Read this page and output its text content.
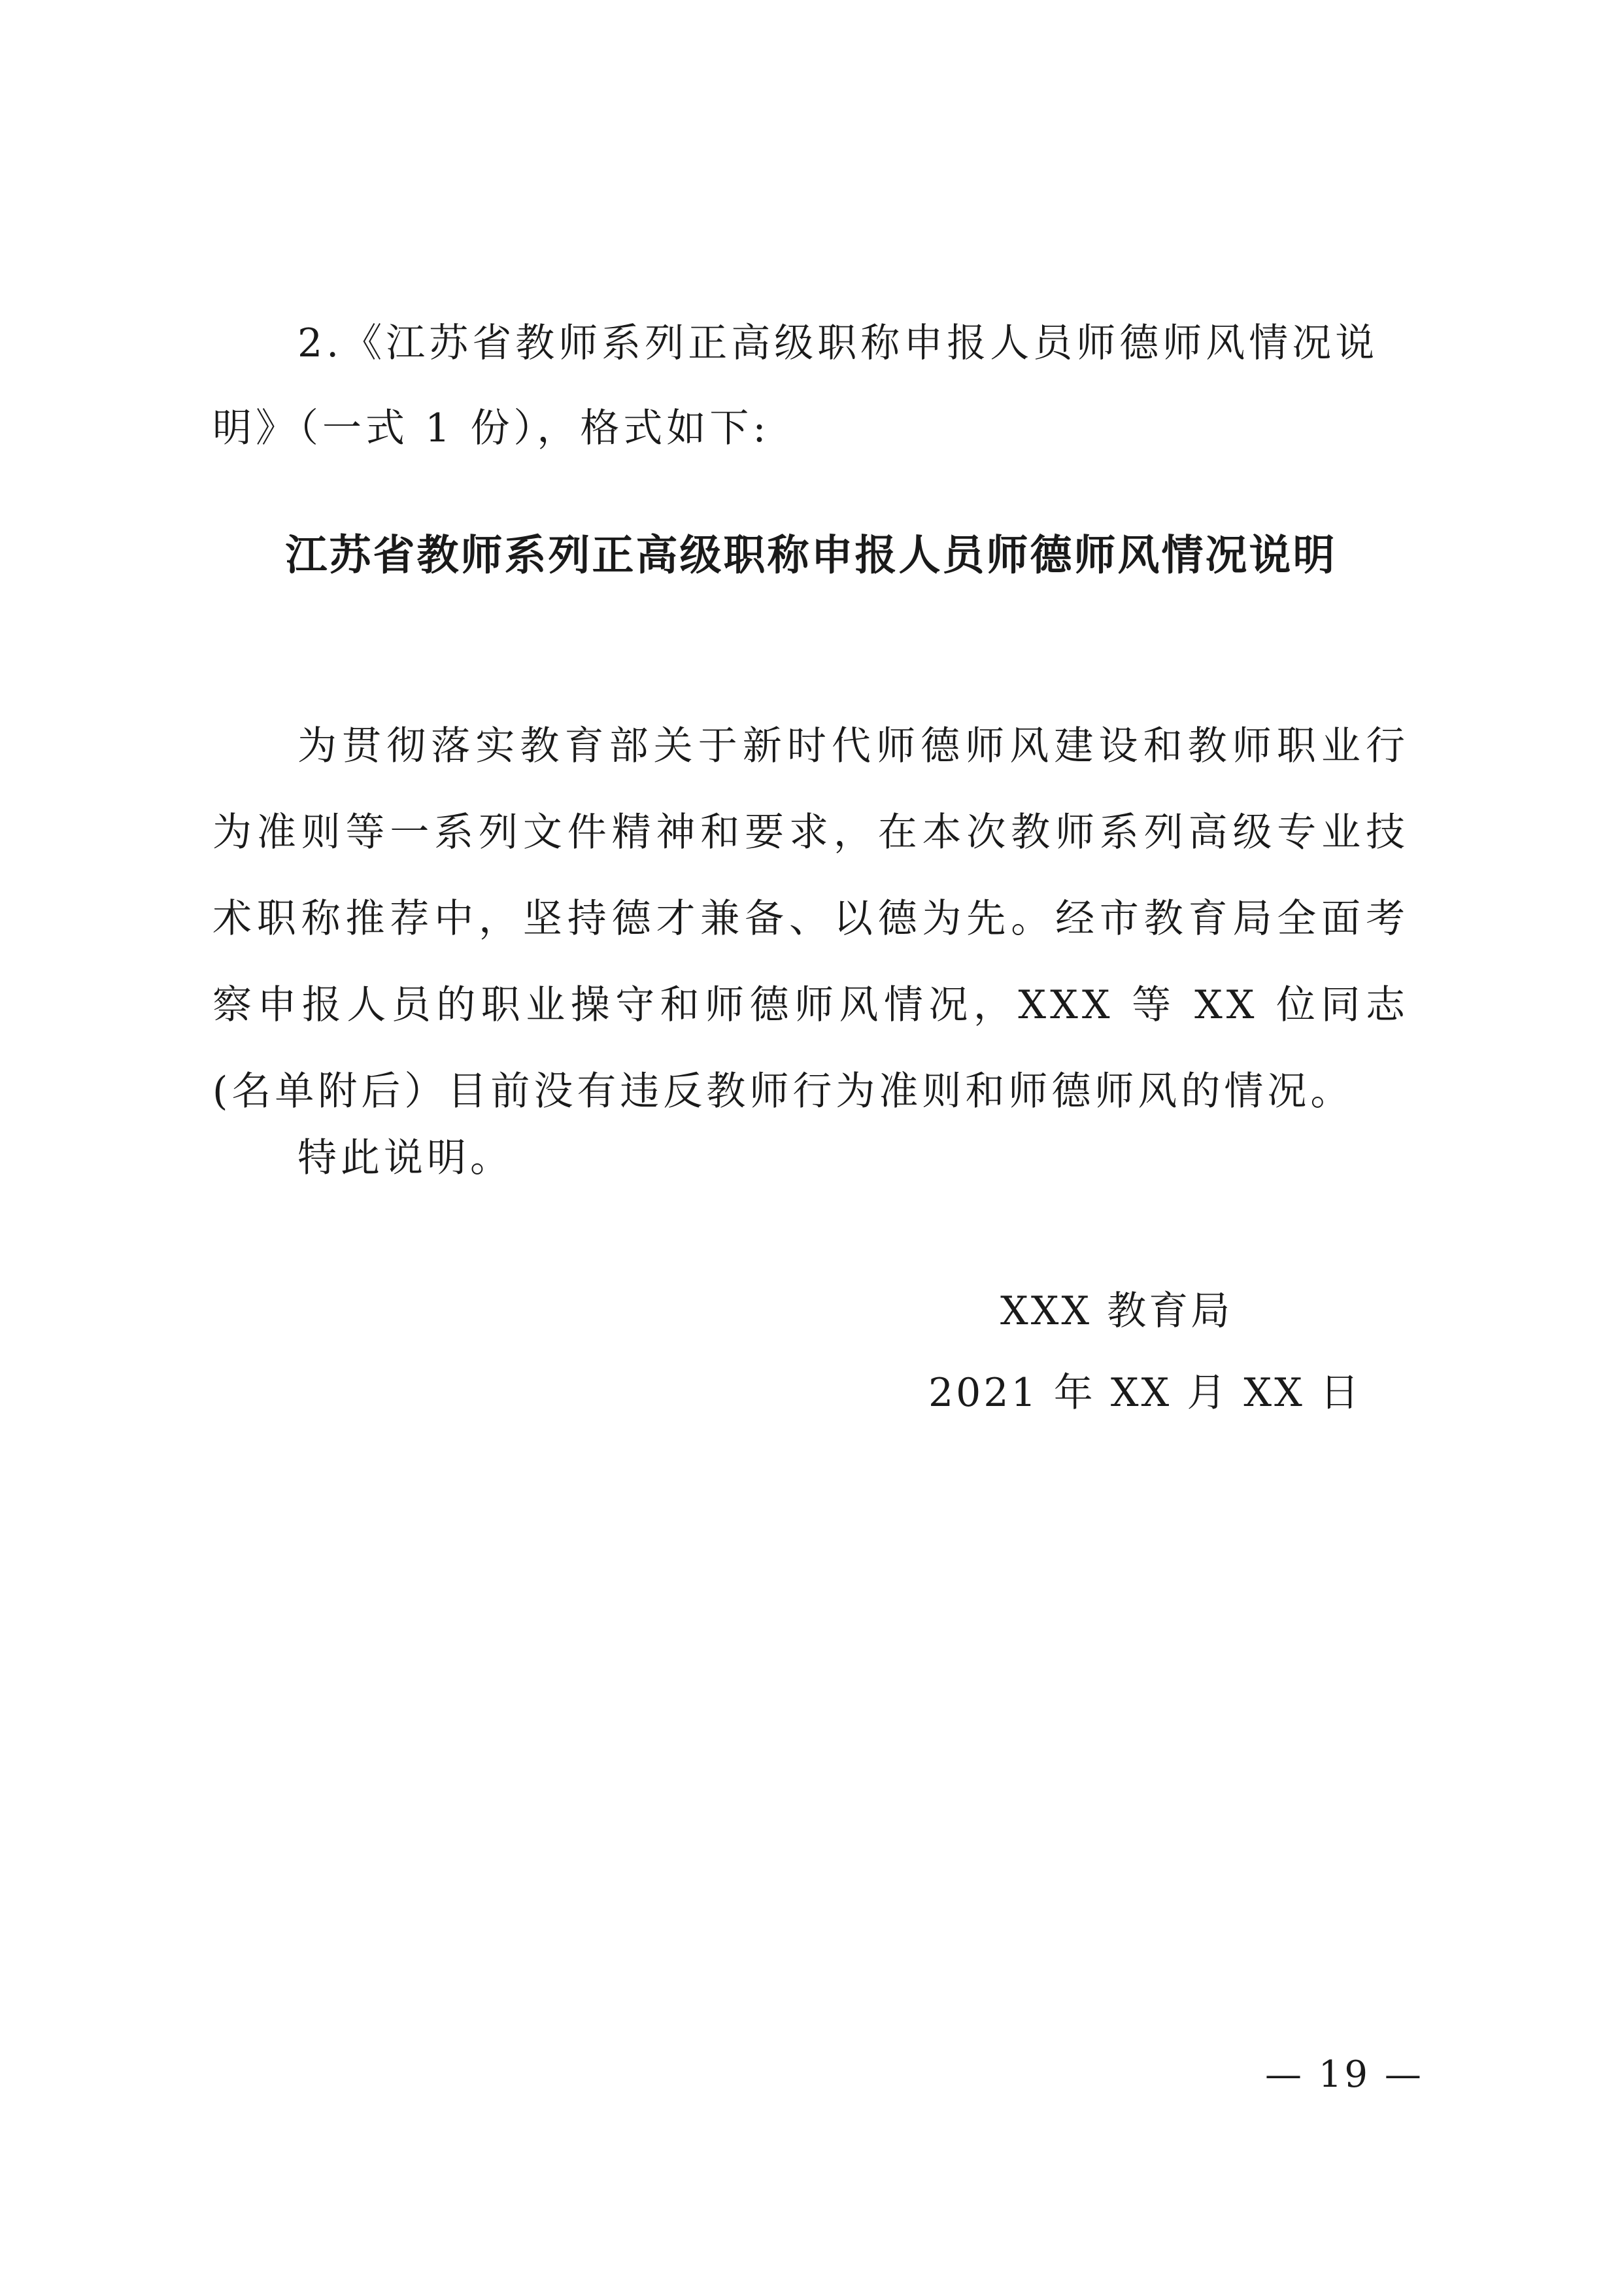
2.《江苏省教师系列正高级职称申报人员师德师风情况说明》（一式 1 份），格式如下:

江苏省教师系列正高级职称申报人员师德师风情况说明

为贯彻落实教育部关于新时代师德师风建设和教师职业行为准则等一系列文件精神和要求，在本次教师系列高级专业技术职称推荐中，坚持德才兼备、以德为先。经市教育局全面考察申报人员的职业操守和师德师风情况，XXX 等 XX 位同志(名单附后）目前没有违反教师行为准则和师德师风的情况。

特此说明。

XXX 教育局
2021 年 XX 月 XX 日
— 19 —
